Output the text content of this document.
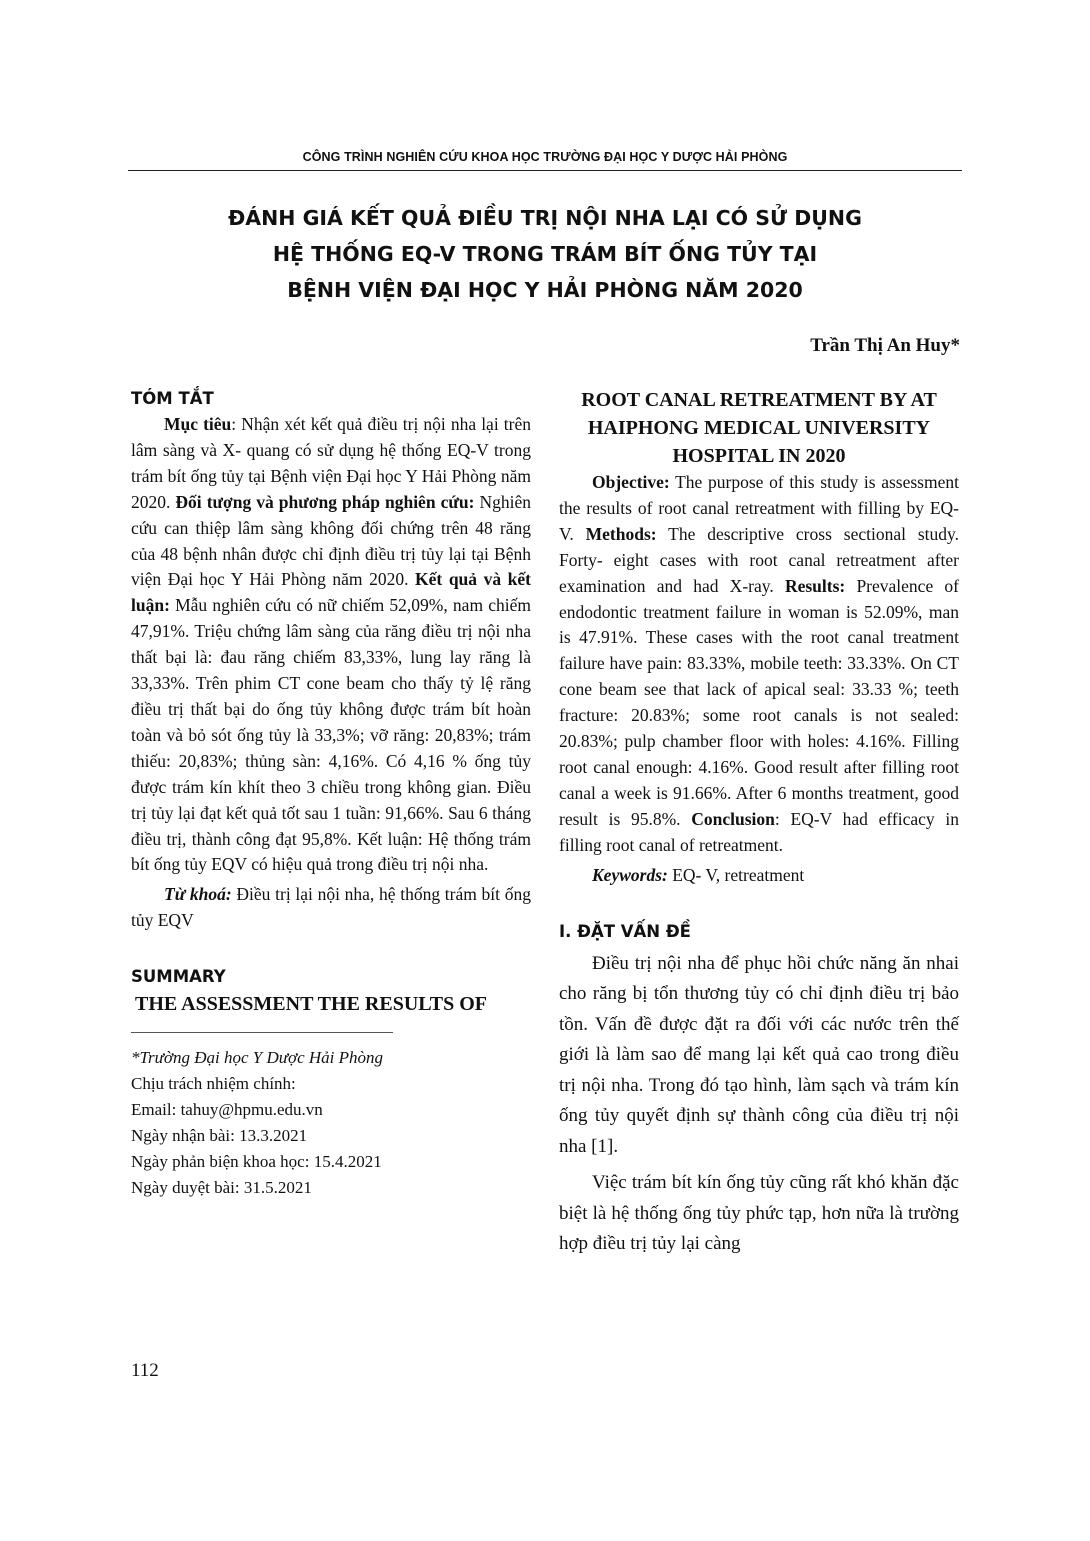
CÔNG TRÌNH NGHIÊN CỨU KHOA HỌC TRƯỜNG ĐẠI HỌC Y DƯỢC HẢI PHÒNG
ĐÁNH GIÁ KẾT QUẢ ĐIỀU TRỊ NỘI NHA LẠI CÓ SỬ DỤNG
HỆ THỐNG EQ-V TRONG TRÁM BÍT ỐNG TỦY TẠI
BỆNH VIỆN ĐẠI HỌC Y HẢI PHÒNG NĂM 2020
Trần Thị An Huy*
TÓM TẮT
Mục tiêu: Nhận xét kết quả điều trị nội nha lại trên lâm sàng và X- quang có sử dụng hệ thống EQ-V trong trám bít ống tủy tại Bệnh viện Đại học Y Hải Phòng năm 2020. Đối tượng và phương pháp nghiên cứu: Nghiên cứu can thiệp lâm sàng không đối chứng trên 48 răng của 48 bệnh nhân được chỉ định điều trị tủy lại tại Bệnh viện Đại học Y Hải Phòng năm 2020. Kết quả và kết luận: Mẫu nghiên cứu có nữ chiếm 52,09%, nam chiếm 47,91%. Triệu chứng lâm sàng của răng điều trị nội nha thất bại là: đau răng chiếm 83,33%, lung lay răng là 33,33%. Trên phim CT cone beam cho thấy tỷ lệ răng điều trị thất bại do ống tủy không được trám bít hoàn toàn và bỏ sót ống tủy là 33,3%; vỡ răng: 20,83%; trám thiếu: 20,83%; thủng sàn: 4,16%. Có 4,16 % ống tủy được trám kín khít theo 3 chiều trong không gian. Điều trị tủy lại đạt kết quả tốt sau 1 tuần: 91,66%. Sau 6 tháng điều trị, thành công đạt 95,8%. Kết luận: Hệ thống trám bít ống tủy EQV có hiệu quả trong điều trị nội nha.
Từ khoá: Điều trị lại nội nha, hệ thống trám bít ống tủy EQV
SUMMARY
THE ASSESSMENT THE RESULTS OF
*Trường Đại học Y Dược Hải Phòng
Chịu trách nhiệm chính:
Email: tahuy@hpmu.edu.vn
Ngày nhận bài: 13.3.2021
Ngày phản biện khoa học: 15.4.2021
Ngày duyệt bài: 31.5.2021
ROOT CANAL RETREATMENT BY AT
HAIPHONG MEDICAL UNIVERSITY
HOSPITAL IN 2020
Objective: The purpose of this study is assessment the results of root canal retreatment with filling by EQ- V. Methods: The descriptive cross sectional study. Forty- eight cases with root canal retreatment after examination and had X-ray. Results: Prevalence of endodontic treatment failure in woman is 52.09%, man is 47.91%. These cases with the root canal treatment failure have pain: 83.33%, mobile teeth: 33.33%. On CT cone beam see that lack of apical seal: 33.33 %; teeth fracture: 20.83%; some root canals is not sealed: 20.83%; pulp chamber floor with holes: 4.16%. Filling root canal enough: 4.16%. Good result after filling root canal a week is 91.66%. After 6 months treatment, good result is 95.8%. Conclusion: EQ-V had efficacy in filling root canal of retreatment.
Keywords: EQ- V, retreatment
I. ĐẶT VẤN ĐỀ
Điều trị nội nha để phục hồi chức năng ăn nhai cho răng bị tổn thương tủy có chỉ định điều trị bảo tồn. Vấn đề được đặt ra đối với các nước trên thế giới là làm sao để mang lại kết quả cao trong điều trị nội nha. Trong đó tạo hình, làm sạch và trám kín ống tủy quyết định sự thành công của điều trị nội nha [1].
Việc trám bít kín ống tủy cũng rất khó khăn đặc biệt là hệ thống ống tủy phức tạp, hơn nữa là trường hợp điều trị tủy lại càng
112
